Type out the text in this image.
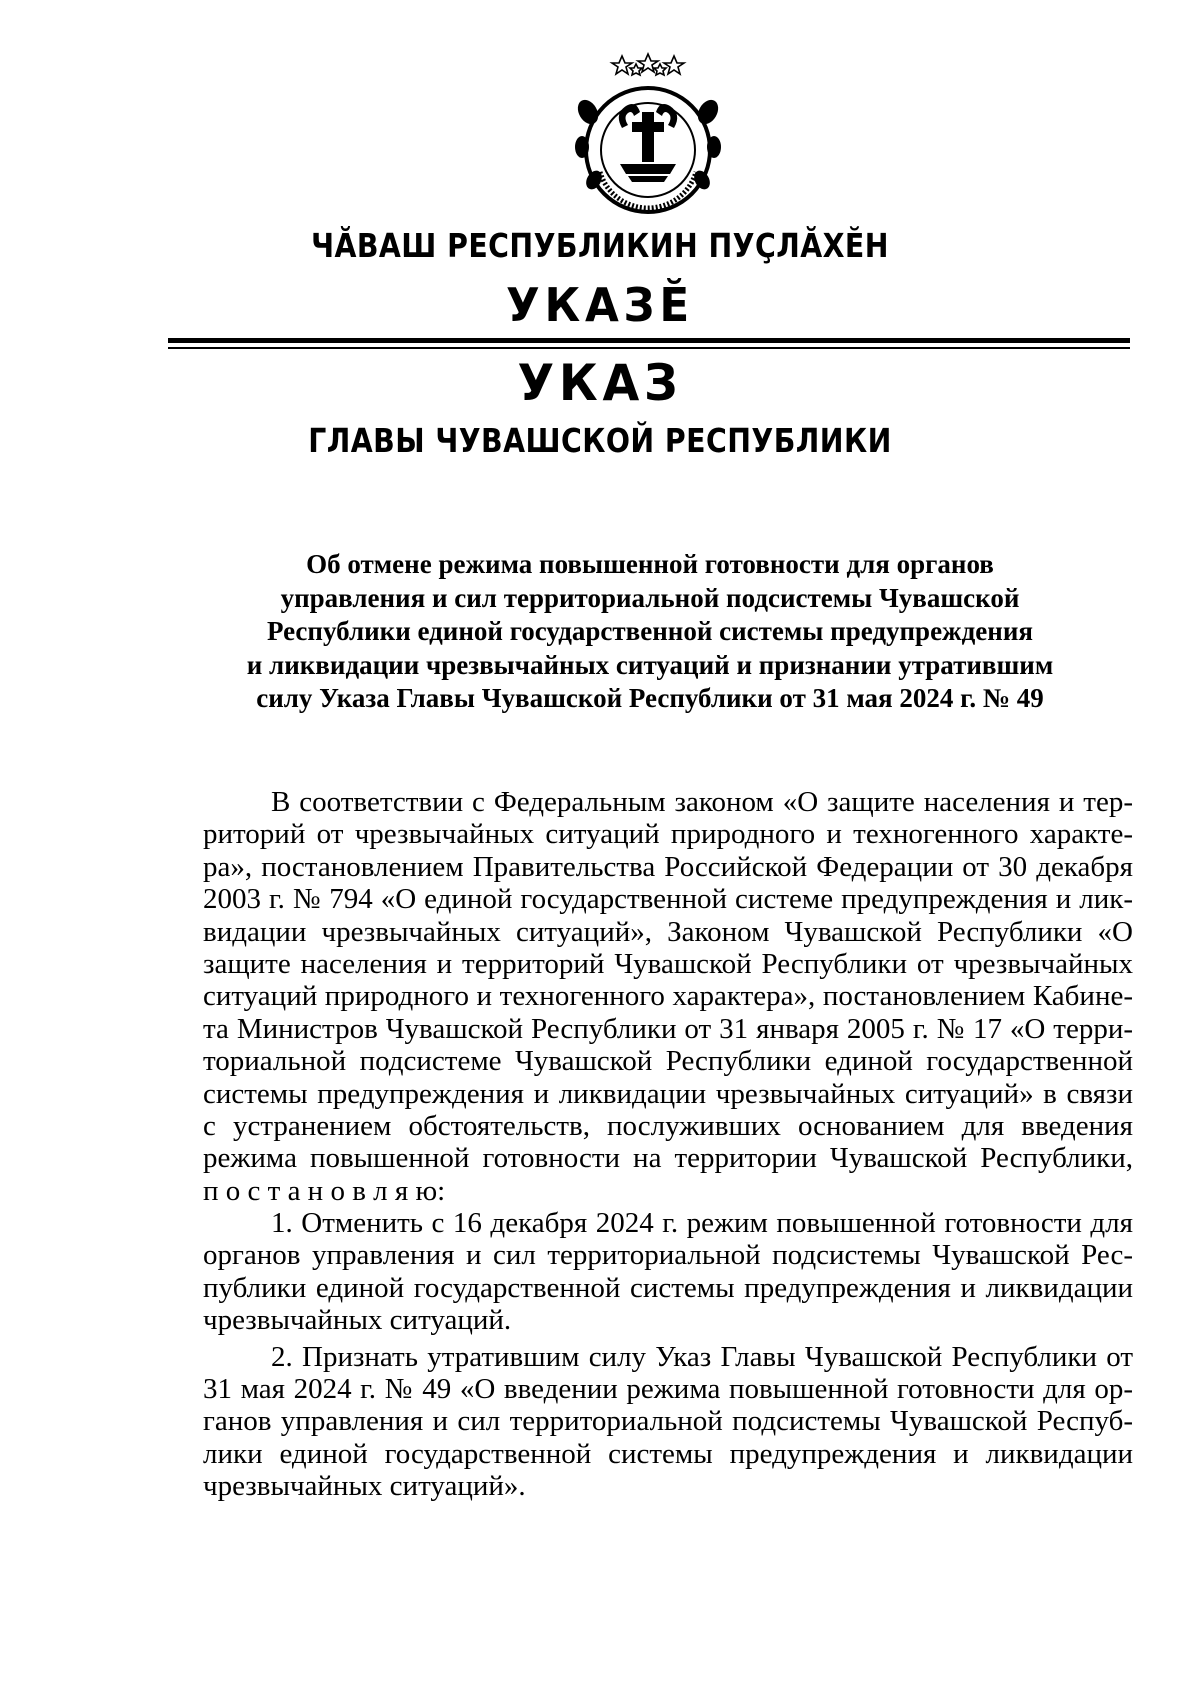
ЧĂВАШ РЕСПУБЛИКИН ПУÇЛĂХĔН
УКАЗĔ
УКАЗ
ГЛАВЫ ЧУВАШСКОЙ РЕСПУБЛИКИ
Об отмене режима повышенной готовности для органов
управления и сил территориальной подсистемы Чувашской
Республики единой государственной системы предупреждения
и ликвидации чрезвычайных ситуаций и признании утратившим
силу Указа Главы Чувашской Республики от 31 мая 2024 г. № 49
В соответствии с Федеральным законом «О защите населения и тер-
риторий от чрезвычайных ситуаций природного и техногенного характе-
ра», постановлением Правительства Российской Федерации от 30 декабря
2003 г. № 794 «О единой государственной системе предупреждения и лик-
видации чрезвычайных ситуаций», Законом Чувашской Республики «О
защите населения и территорий Чувашской Республики от чрезвычайных
ситуаций природного и техногенного характера», постановлением Кабине-
та Министров Чувашской Республики от 31 января 2005 г. № 17 «О терри-
ториальной подсистеме Чувашской Республики единой государственной
системы предупреждения и ликвидации чрезвычайных ситуаций» в связи
с устранением обстоятельств, послуживших основанием для введения
режима повышенной готовности на территории Чувашской Республики,
п о с т а н о в л я ю:
1. Отменить с 16 декабря 2024 г. режим повышенной готовности для
органов управления и сил территориальной подсистемы Чувашской Рес-
публики единой государственной системы предупреждения и ликвидации
чрезвычайных ситуаций.
2. Признать утратившим силу Указ Главы Чувашской Республики от
31 мая 2024 г. № 49 «О введении режима повышенной готовности для ор-
ганов управления и сил территориальной подсистемы Чувашской Респуб-
лики единой государственной системы предупреждения и ликвидации
чрезвычайных ситуаций».
